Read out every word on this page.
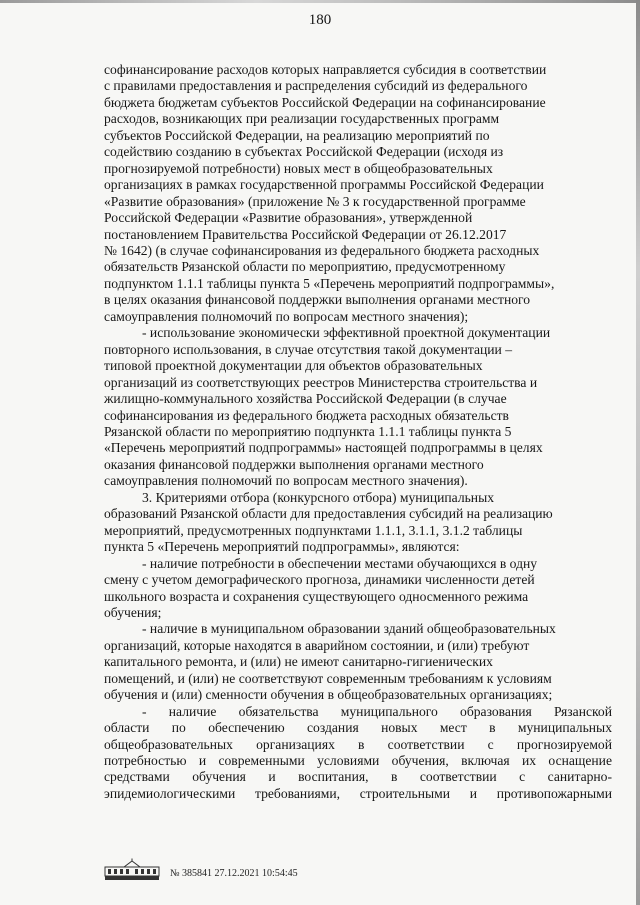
180

софинансирование расходов которых направляется субсидия в соответствии
с правилами предоставления и распределения субсидий из федерального
бюджета бюджетам субъектов Российской Федерации на софинансирование
расходов, возникающих при реализации государственных программ
субъектов Российской Федерации, на реализацию мероприятий по
содействию созданию в субъектах Российской Федерации (исходя из
прогнозируемой потребности) новых мест в общеобразовательных
организациях в рамках государственной программы Российской Федерации
«Развитие образования» (приложение № 3 к государственной программе
Российской Федерации «Развитие образования», утвержденной
постановлением Правительства Российской Федерации от 26.12.2017
№ 1642) (в случае софинансирования из федерального бюджета расходных
обязательств Рязанской области по мероприятию, предусмотренному
подпунктом 1.1.1 таблицы пункта 5 «Перечень мероприятий подпрограммы»,
в целях оказания финансовой поддержки выполнения органами местного
самоуправления полномочий по вопросам местного значения);

- использование экономически эффективной проектной документации
повторного использования, в случае отсутствия такой документации –
типовой проектной документации для объектов образовательных
организаций из соответствующих реестров Министерства строительства и
жилищно-коммунального хозяйства Российской Федерации (в случае
софинансирования из федерального бюджета расходных обязательств
Рязанской области по мероприятию подпункта 1.1.1 таблицы пункта 5
«Перечень мероприятий подпрограммы» настоящей подпрограммы в целях
оказания финансовой поддержки выполнения органами местного
самоуправления полномочий по вопросам местного значения).

3. Критериями отбора (конкурсного отбора) муниципальных
образований Рязанской области для предоставления субсидий на реализацию
мероприятий, предусмотренных подпунктами 1.1.1, 3.1.1, 3.1.2 таблицы
пункта 5 «Перечень мероприятий подпрограммы», являются:

- наличие потребности в обеспечении местами обучающихся в одну
смену с учетом демографического прогноза, динамики численности детей
школьного возраста и сохранения существующего односменного режима
обучения;

- наличие в муниципальном образовании зданий общеобразовательных
организаций, которые находятся в аварийном состоянии, и (или) требуют
капитального ремонта, и (или) не имеют санитарно-гигиенических
помещений, и (или) не соответствуют современным требованиям к условиям
обучения и (или) сменности обучения в общеобразовательных организациях;

- наличие обязательства муниципального образования Рязанской
области по обеспечению создания новых мест в муниципальных
общеобразовательных организациях в соответствии с прогнозируемой
потребностью и современными условиями обучения, включая их оснащение
средствами обучения и воспитания, в соответствии с санитарно-
эпидемиологическими требованиями, строительными и противопожарными

№ 385841 27.12.2021 10:54:45
